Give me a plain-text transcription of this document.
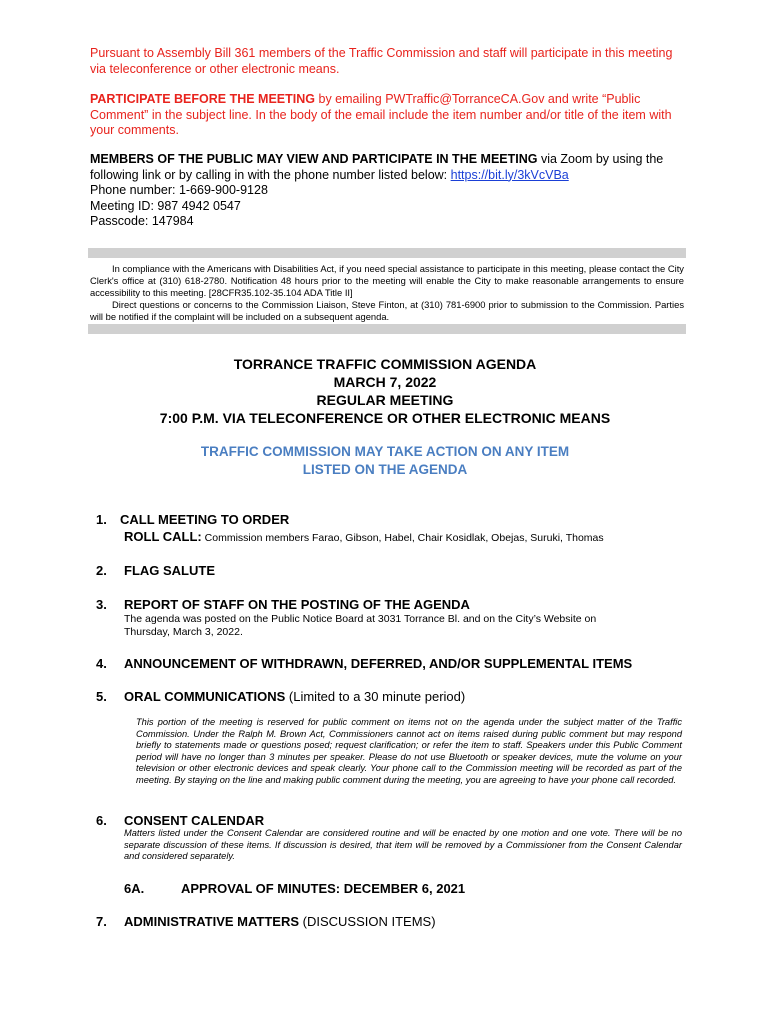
Pursuant to Assembly Bill 361 members of the Traffic Commission and staff will participate in this meeting
via teleconference or other electronic means.
PARTICIPATE BEFORE THE MEETING by emailing PWTraffic@TorranceCA.Gov and write “Public
Comment” in the subject line. In the body of the email include the item number and/or title of the item with
your comments.
MEMBERS OF THE PUBLIC MAY VIEW AND PARTICIPATE IN THE MEETING via Zoom by using the
following link or by calling in with the phone number listed below: https://bit.ly/3kVcVBa
Phone number: 1-669-900-9128
Meeting ID: 987 4942 0547
Passcode: 147984

In compliance with the Americans with Disabilities Act, if you need special assistance to participate in this meeting, please contact the City Clerk's office at (310) 618-2780. Notification 48 hours prior to the meeting will enable the City to make reasonable arrangements to ensure accessibility to this meeting. [28CFR35.102-35.104 ADA Title II]

Direct questions or concerns to the Commission Liaison, Steve Finton, at (310) 781-6900 prior to submission to the Commission. Parties will be notified if the complaint will be included on a subsequent agenda.

TORRANCE TRAFFIC COMMISSION AGENDA
MARCH 7, 2022
REGULAR MEETING
7:00 P.M. VIA TELECONFERENCE OR OTHER ELECTRONIC MEANS
TRAFFIC COMMISSION MAY TAKE ACTION ON ANY ITEM
LISTED ON THE AGENDA
1. CALL MEETING TO ORDER
ROLL CALL: Commission members Farao, Gibson, Habel, Chair Kosidlak, Obejas, Suruki, Thomas
2. FLAG SALUTE
3. REPORT OF STAFF ON THE POSTING OF THE AGENDA
The agenda was posted on the Public Notice Board at 3031 Torrance Bl. and on the City’s Website on
Thursday, March 3, 2022.
4. ANNOUNCEMENT OF WITHDRAWN, DEFERRED, AND/OR SUPPLEMENTAL ITEMS
5. ORAL COMMUNICATIONS (Limited to a 30 minute period)
This portion of the meeting is reserved for public comment on items not on the agenda under the subject matter of the Traffic Commission. Under the Ralph M. Brown Act, Commissioners cannot act on items raised during public comment but may respond briefly to statements made or questions posed; request clarification; or refer the item to staff. Speakers under this Public Comment period will have no longer than 3 minutes per speaker. Please do not use Bluetooth or speaker devices, mute the volume on your television or other electronic devices and speak clearly. Your phone call to the Commission meeting will be recorded as part of the meeting. By staying on the line and making public comment during the meeting, you are agreeing to have your phone call recorded.
6. CONSENT CALENDAR
Matters listed under the Consent Calendar are considered routine and will be enacted by one motion and one vote. There will be no separate discussion of these items. If discussion is desired, that item will be removed by a Commissioner from the Consent Calendar and considered separately.
6A.	APPROVAL OF MINUTES: DECEMBER 6, 2021
7. ADMINISTRATIVE MATTERS (DISCUSSION ITEMS)
